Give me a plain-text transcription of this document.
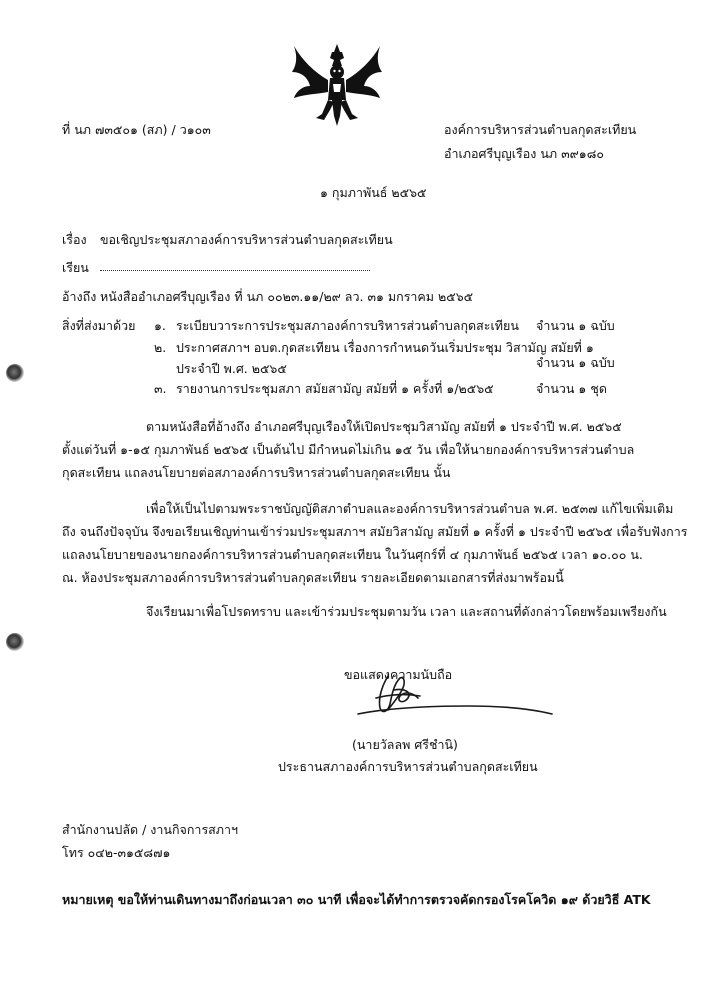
ที่ นภ ๗๓๕๐๑ (สภ) / ว๑๐๓	องค์การบริหารส่วนตำบลกุดสะเทียน
อำเภอศรีบุญเรือง นภ ๓๙๑๘๐
๑ กุมภาพันธ์ ๒๕๖๕
เรื่อง ขอเชิญประชุมสภาองค์การบริหารส่วนตำบลกุดสะเทียน
เรียน
อ้างถึง หนังสืออำเภอศรีบุญเรือง ที่ นภ ๐๐๒๓.๑๑/๒๙ ลว. ๓๑ มกราคม ๒๕๖๕
สิ่งที่ส่งมาด้วย ๑. ระเบียบวาระการประชุมสภาองค์การบริหารส่วนตำบลกุดสะเทียน จำนวน ๑ ฉบับ
๒. ประกาศสภาฯ อบต.กุดสะเทียน เรื่องการกำหนดวันเริ่มประชุม วิสามัญ สมัยที่ ๑
ประจำปี พ.ศ. ๒๕๖๕	จำนวน ๑ ฉบับ
๓. รายงานการประชุมสภา สมัยสามัญ สมัยที่ ๑ ครั้งที่ ๑/๒๕๖๕	จำนวน ๑ ชุด
ตามหนังสือที่อ้างถึง อำเภอศรีบุญเรืองให้เปิดประชุมวิสามัญ สมัยที่ ๑ ประจำปี พ.ศ. ๒๕๖๕
ตั้งแต่วันที่ ๑-๑๕ กุมภาพันธ์ ๒๕๖๕ เป็นต้นไป มีกำหนดไม่เกิน ๑๕ วัน เพื่อให้นายกองค์การบริหารส่วนตำบล
กุดสะเทียน แถลงนโยบายต่อสภาองค์การบริหารส่วนตำบลกุดสะเทียน นั้น
เพื่อให้เป็นไปตามพระราชบัญญัติสภาตำบลและองค์การบริหารส่วนตำบล พ.ศ. ๒๕๓๗ แก้ไขเพิ่มเติม
ถึง จนถึงปัจจุบัน จึงขอเรียนเชิญท่านเข้าร่วมประชุมสภาฯ สมัยวิสามัญ สมัยที่ ๑ ครั้งที่ ๑ ประจำปี ๒๕๖๕ เพื่อรับฟังการ
แถลงนโยบายของนายกองค์การบริหารส่วนตำบลกุดสะเทียน ในวันศุกร์ที่ ๔ กุมภาพันธ์ ๒๕๖๕ เวลา ๑๐.๐๐ น.
ณ. ห้องประชุมสภาองค์การบริหารส่วนตำบลกุดสะเทียน รายละเอียดตามเอกสารที่ส่งมาพร้อมนี้
จึงเรียนมาเพื่อโปรดทราบ และเข้าร่วมประชุมตามวัน เวลา และสถานที่ดังกล่าวโดยพร้อมเพรียงกัน
ขอแสดงความนับถือ
(นายวัลลพ ศรีชำนิ)
ประธานสภาองค์การบริหารส่วนตำบลกุดสะเทียน
สำนักงานปลัด / งานกิจการสภาฯ
โทร ๐๔๒-๓๑๕๘๗๑
หมายเหตุ ขอให้ท่านเดินทางมาถึงก่อนเวลา ๓๐ นาที เพื่อจะได้ทำการตรวจคัดกรองโรคโควิด ๑๙ ด้วยวิธี ATK
